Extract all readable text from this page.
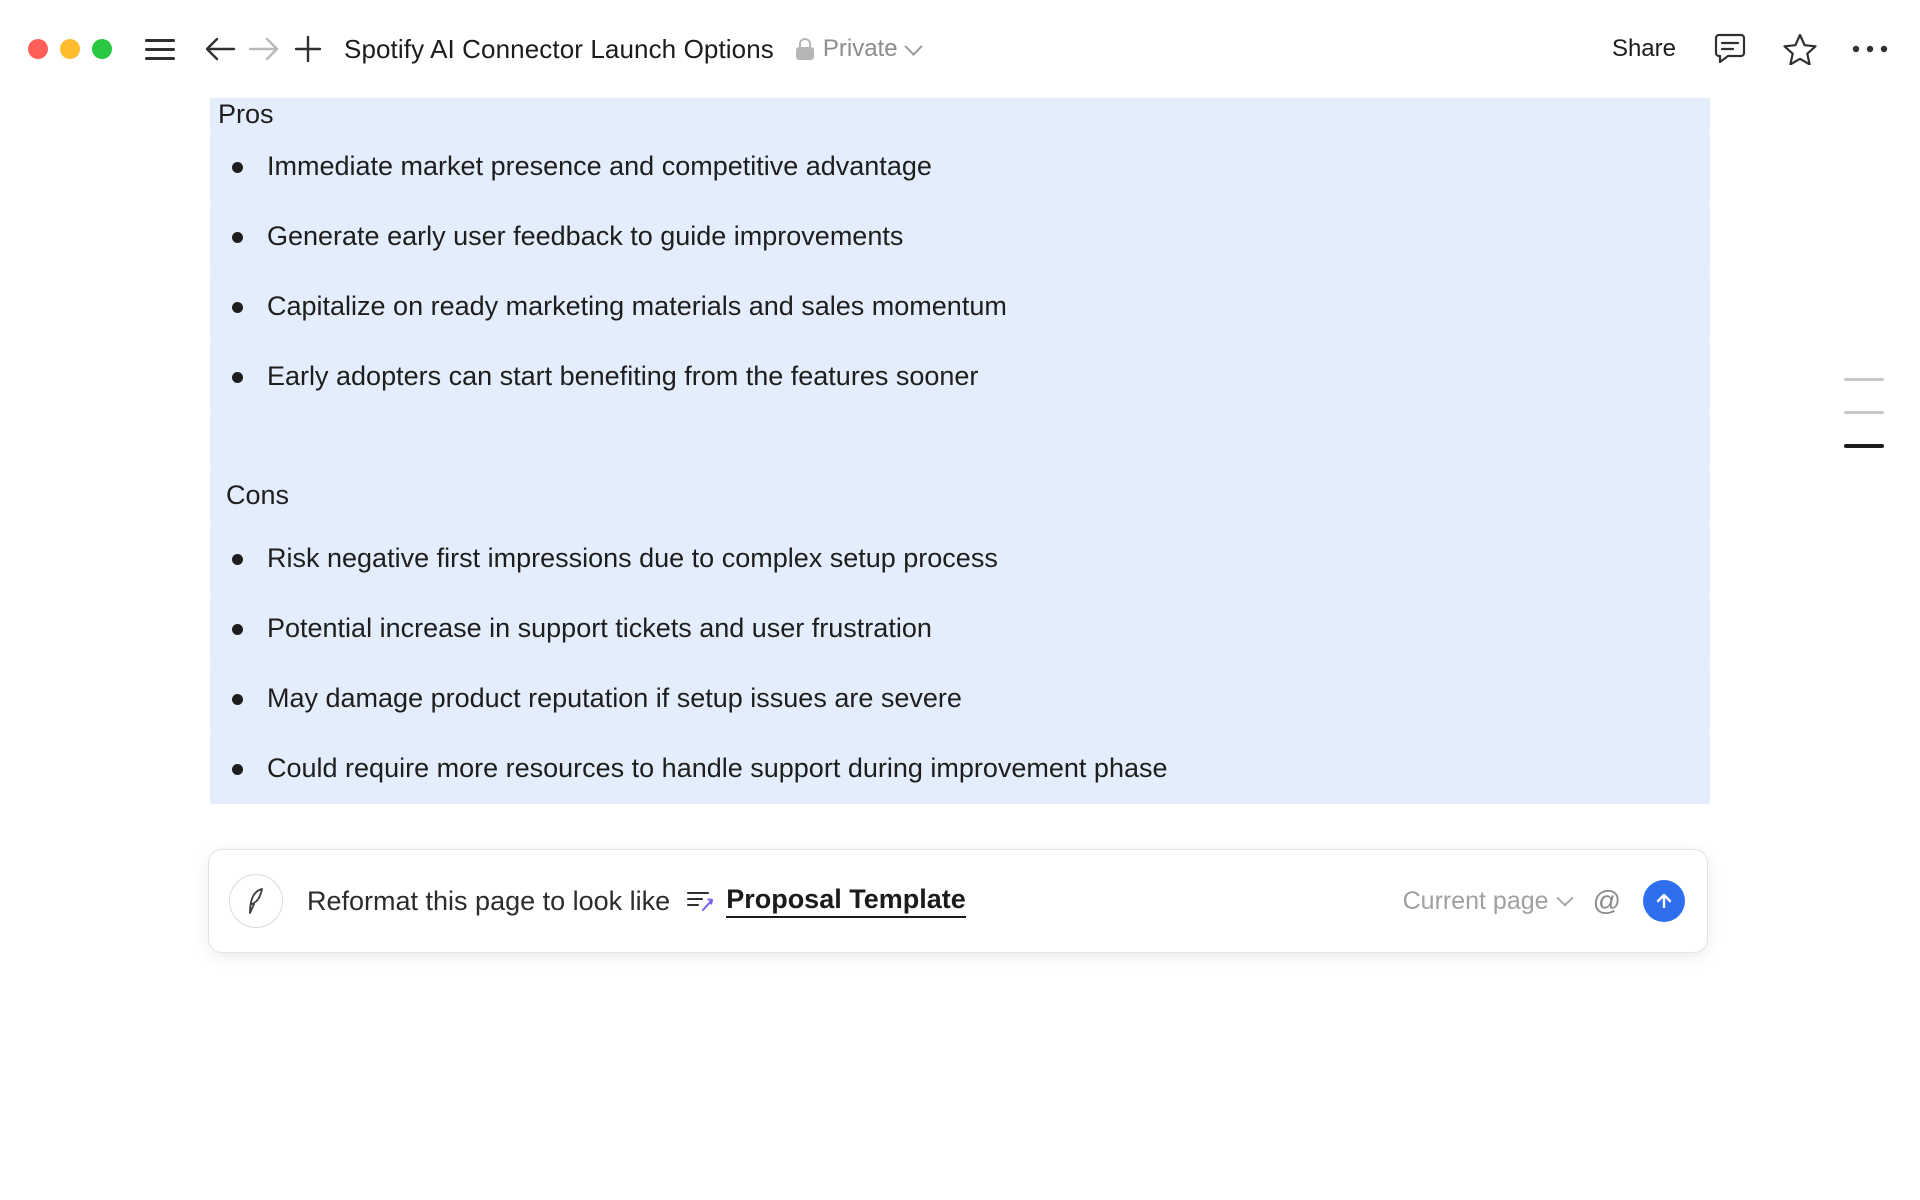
Spotify AI Connector Launch Options Private	Share
Pros
Immediate market presence and competitive advantage
Generate early user feedback to guide improvements
Capitalize on ready marketing materials and sales momentum
Early adopters can start benefiting from the features sooner
Cons
Risk negative first impressions due to complex setup process
Potential increase in support tickets and user frustration
May damage product reputation if setup issues are severe
Could require more resources to handle support during improvement phase
Reformat this page to look like Proposal Template	Current page @
